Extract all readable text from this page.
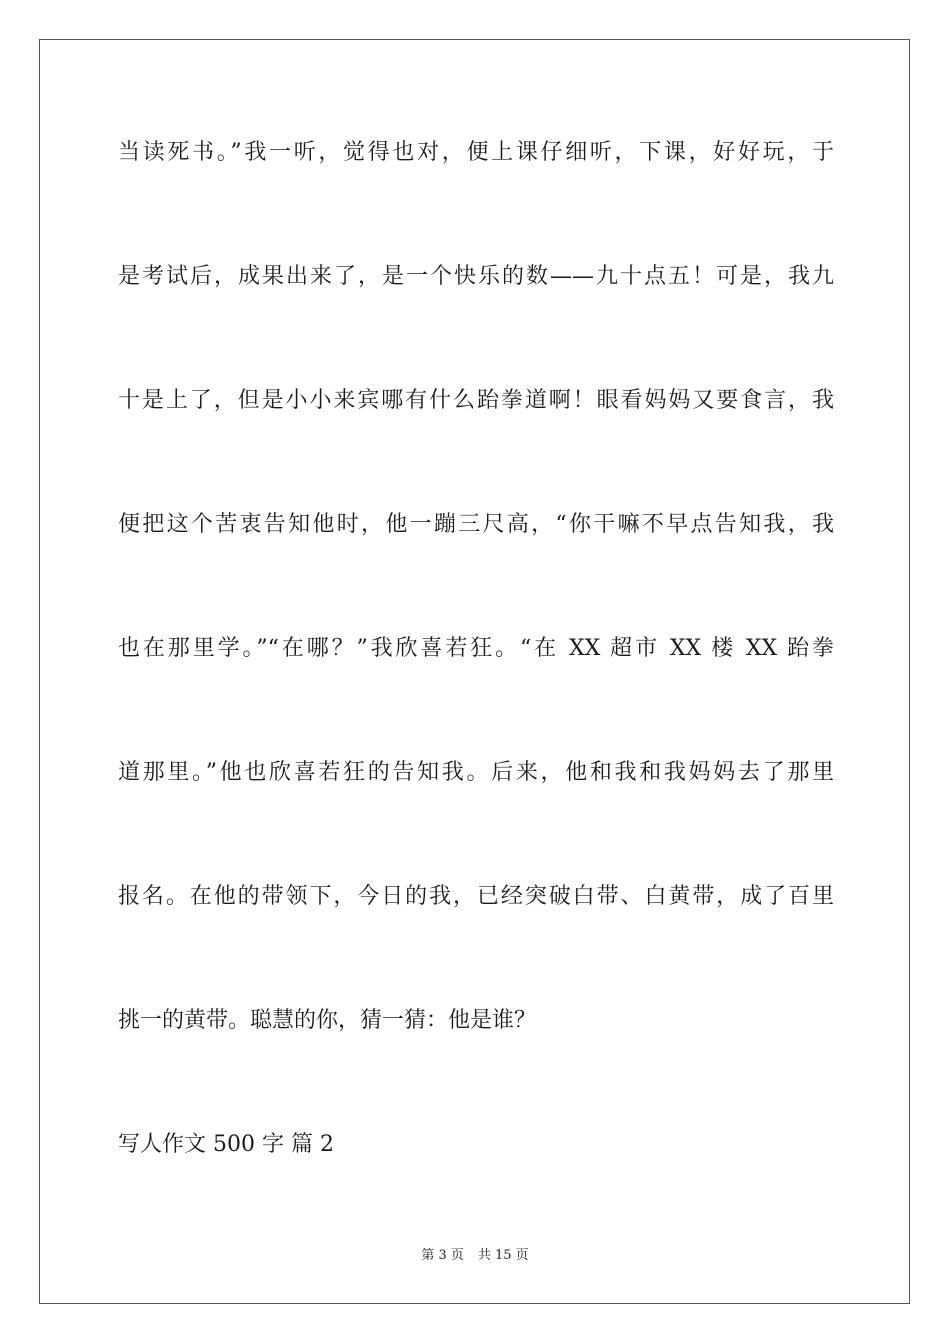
当读死书。”我一听，觉得也对，便上课仔细听，下课，好好玩，于
是考试后，成果出来了，是一个快乐的数——九十点五！可是，我九
十是上了，但是小小来宾哪有什么跆拳道啊！眼看妈妈又要食言，我
便把这个苦衷告知他时，他一蹦三尺高，“你干嘛不早点告知我，我
也在那里学。”“在哪？”我欣喜若狂。“在 XX 超市 XX 楼 XX 跆拳
道那里。”他也欣喜若狂的告知我。后来，他和我和我妈妈去了那里
报名。在他的带领下，今日的我，已经突破白带、白黄带，成了百里
挑一的黄带。聪慧的你，猜一猜：他是谁？
写人作文 500 字 篇 2
第 3 页 共 15 页
